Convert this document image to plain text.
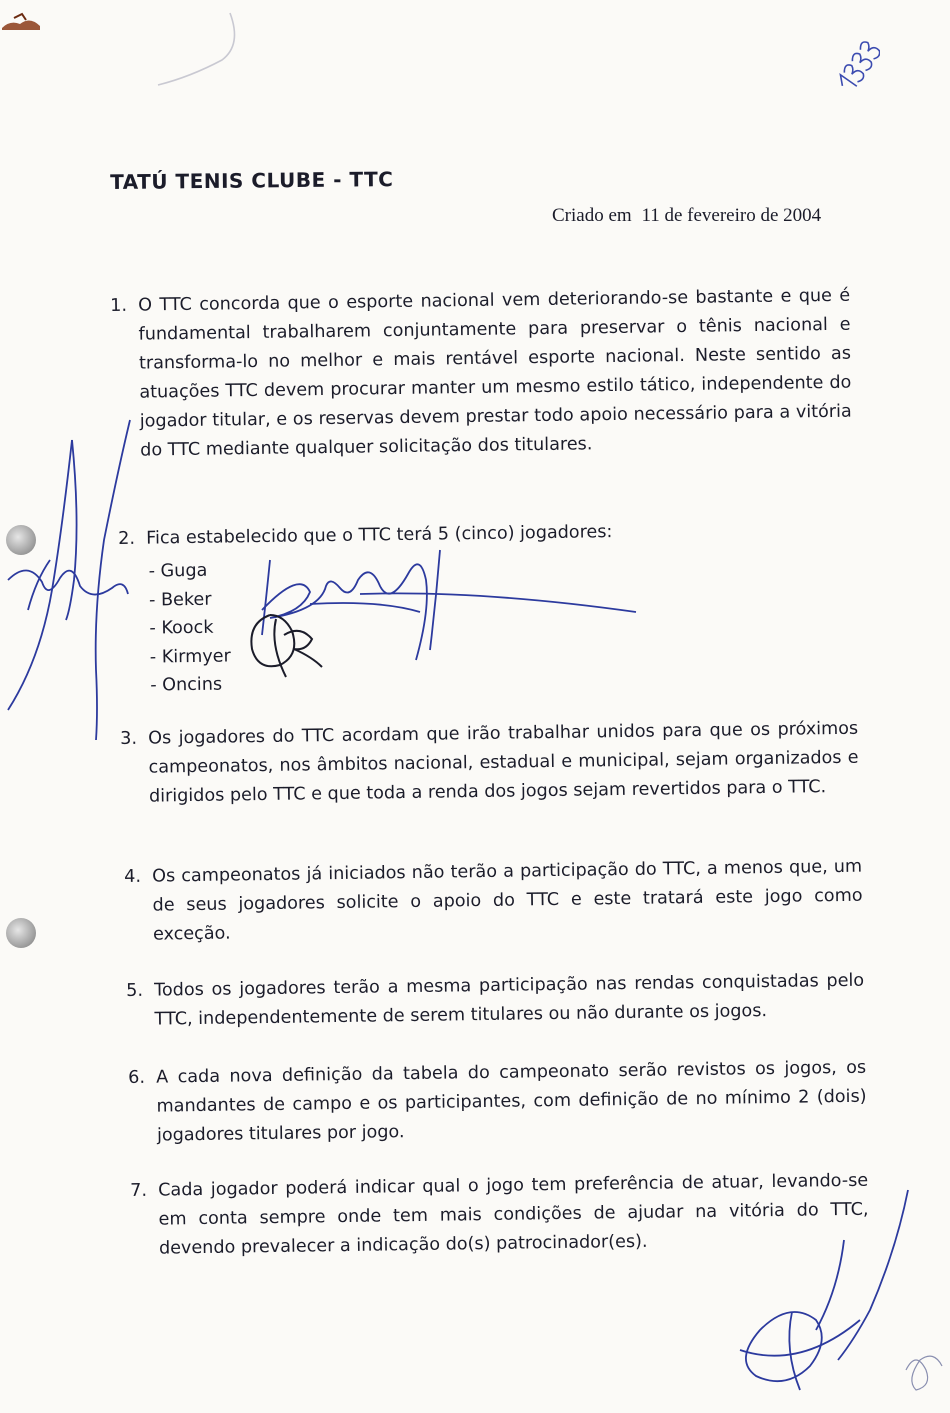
TATÚ TENIS CLUBE - TTC
Criado em 11 de fevereiro de 2004
1. O TTC concorda que o esporte nacional vem deteriorando-se bastante e que é fundamental trabalharem conjuntamente para preservar o tênis nacional e transforma-lo no melhor e mais rentável esporte nacional. Neste sentido as atuações TTC devem procurar manter um mesmo estilo tático, independente do jogador titular, e os reservas devem prestar todo apoio necessário para a vitória do TTC mediante qualquer solicitação dos titulares.
2. Fica estabelecido que o TTC terá 5 (cinco) jogadores:
- Guga
- Beker
- Koock
- Kirmyer
- Oncins
3. Os jogadores do TTC acordam que irão trabalhar unidos para que os próximos campeonatos, nos âmbitos nacional, estadual e municipal, sejam organizados e dirigidos pelo TTC e que toda a renda dos jogos sejam revertidos para o TTC.
4. Os campeonatos já iniciados não terão a participação do TTC, a menos que, um de seus jogadores solicite o apoio do TTC e este tratará este jogo como exceção.
5. Todos os jogadores terão a mesma participação nas rendas conquistadas pelo TTC, independentemente de serem titulares ou não durante os jogos.
6. A cada nova definição da tabela do campeonato serão revistos os jogos, os mandantes de campo e os participantes, com definição de no mínimo 2 (dois) jogadores titulares por jogo.
7. Cada jogador poderá indicar qual o jogo tem preferência de atuar, levando-se em conta sempre onde tem mais condições de ajudar na vitória do TTC, devendo prevalecer a indicação do(s) patrocinador(es).
